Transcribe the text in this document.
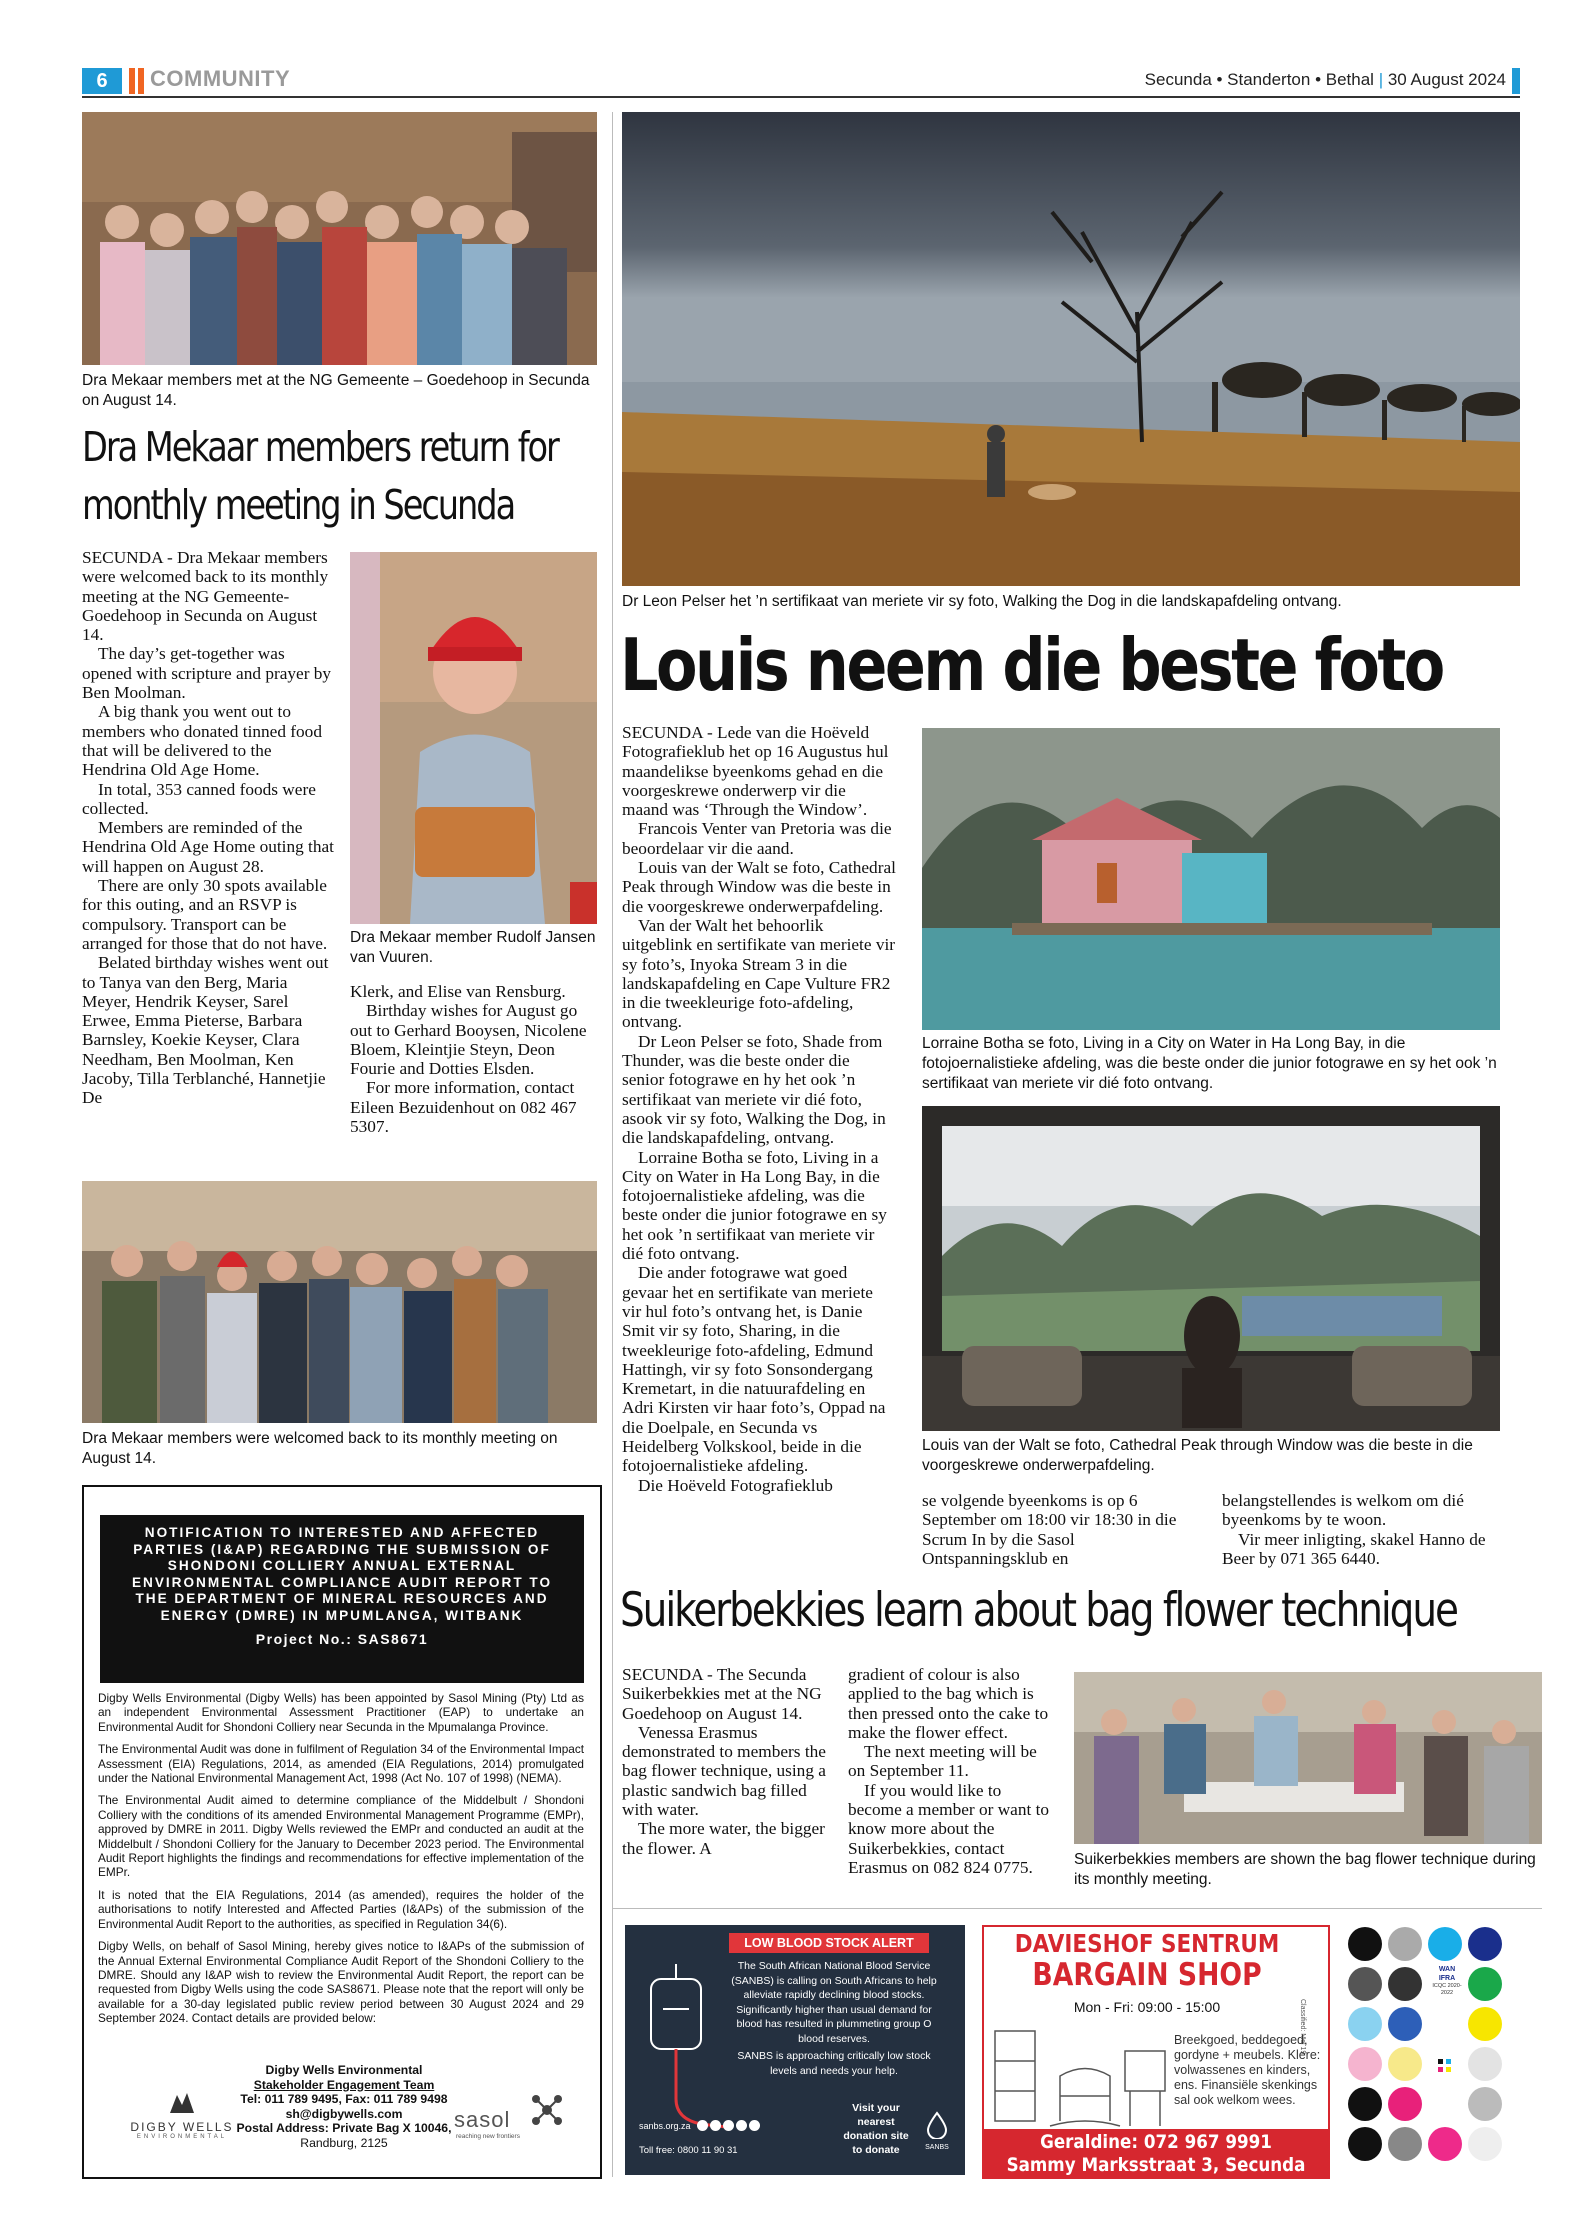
6	COMMUNITY	Secunda • Standerton • Bethal | 30 August 2024
Dra Mekaar members met at the NG Gemeente – Goedehoop in Secunda on August 14.
Dra Mekaar members return for monthly meeting in Secunda

SECUNDA - Dra Mekaar members were welcomed back to its monthly meeting at the NG Gemeente-Goedehoop in Secunda on August 14.

The day’s get-together was opened with scripture and prayer by Ben Moolman.

A big thank you went out to members who donated tinned food that will be delivered to the Hendrina Old Age Home.

In total, 353 canned foods were collected.

Members are reminded of the Hendrina Old Age Home outing that will happen on August 28.

There are only 30 spots available for this outing, and an RSVP is compulsory. Transport can be arranged for those that do not have.

Belated birthday wishes went out to Tanya van den Berg, Maria Meyer, Hendrik Keyser, Sarel Erwee, Emma Pieterse, Barbara Barnsley, Koekie Keyser, Clara Needham, Ben Moolman, Ken Jacoby, Tilla Terblanché, Hannetjie De

Dra Mekaar member Rudolf Jansen van Vuuren.

Klerk, and Elise van Rensburg.

Birthday wishes for August go out to Gerhard Booysen, Nicolene Bloem, Kleintjie Steyn, Deon Fourie and Dotties Elsden.

For more information, contact Eileen Bezuidenhout on 082 467 5307.

Dra Mekaar members were welcomed back to its monthly meeting on August 14.
NOTIFICATION TO INTERESTED AND AFFECTED PARTIES (I&AP) REGARDING THE SUBMISSION OF SHONDONI COLLIERY ANNUAL EXTERNAL ENVIRONMENTAL COMPLIANCE AUDIT REPORT TO THE DEPARTMENT OF MINERAL RESOURCES AND ENERGY (DMRE) IN MPUMLANGA, WITBANK
Project No.: SAS8671

Digby Wells Environmental (Digby Wells) has been appointed by Sasol Mining (Pty) Ltd as an independent Environmental Assessment Practitioner (EAP) to undertake an Environmental Audit for Shondoni Colliery near Secunda in the Mpumalanga Province.

The Environmental Audit was done in fulfilment of Regulation 34 of the Environmental Impact Assessment (EIA) Regulations, 2014, as amended (EIA Regulations, 2014) promulgated under the National Environmental Management Act, 1998 (Act No. 107 of 1998) (NEMA).

The Environmental Audit aimed to determine compliance of the Middelbult / Shondoni Colliery with the conditions of its amended Environmental Management Programme (EMPr), approved by DMRE in 2011. Digby Wells reviewed the EMPr and conducted an audit at the Middelbult / Shondoni Colliery for the January to December 2023 period. The Environmental Audit Report highlights the findings and recommendations for effective implementation of the EMPr.

It is noted that the EIA Regulations, 2014 (as amended), requires the holder of the authorisations to notify Interested and Affected Parties (I&APs) of the submission of the Environmental Audit Report to the authorities, as specified in Regulation 34(6).

Digby Wells, on behalf of Sasol Mining, hereby gives notice to I&APs of the submission of the Annual External Environmental Compliance Audit Report of the Shondoni Colliery to the DMRE. Should any I&AP wish to review the Environmental Audit Report, the report can be requested from Digby Wells using the code SAS8671. Please note that the report will only be available for a 30-day legislated public review period between 30 August 2024 and 29 September 2024. Contact details are provided below:

Digby Wells Environmental
Stakeholder Engagement Team
Tel: 011 789 9495, Fax: 011 789 9498
sh@digbywells.com
Postal Address: Private Bag X 10046,
Randburg, 2125
DIGBY WELLS
ENVIRONMENTAL
sasol
reaching new frontiers
Dr Leon Pelser het ’n sertifikaat van meriete vir sy foto, Walking the Dog in die landskapafdeling ontvang.
Louis neem die beste foto

SECUNDA - Lede van die Hoëveld Fotografieklub het op 16 Augustus hul maandelikse byeenkoms gehad en die voorgeskrewe onderwerp vir die maand was ‘Through the Window’.

Francois Venter van Pretoria was die beoordelaar vir die aand.

Louis van der Walt se foto, Cathedral Peak through Window was die beste in die voorgeskrewe onderwerpafdeling.

Van der Walt het behoorlik uitgeblink en sertifikate van meriete vir sy foto’s, Inyoka Stream 3 in die landskapafdeling en Cape Vulture FR2 in die tweekleurige foto-afdeling, ontvang.

Dr Leon Pelser se foto, Shade from Thunder, was die beste onder die senior fotograwe en hy het ook ’n sertifikaat van meriete vir dié foto, asook vir sy foto, Walking the Dog, in die landskapafdeling, ontvang.

Lorraine Botha se foto, Living in a City on Water in Ha Long Bay, in die fotojoernalistieke afdeling, was die beste onder die junior fotograwe en sy het ook ’n sertifikaat van meriete vir dié foto ontvang.

Die ander fotograwe wat goed gevaar het en sertifikate van meriete vir hul foto’s ontvang het, is Danie Smit vir sy foto, Sharing, in die tweekleurige foto-afdeling, Edmund Hattingh, vir sy foto Sonsondergang Kremetart, in die natuurafdeling en Adri Kirsten vir haar foto’s, Oppad na die Doelpale, en Secunda vs Heidelberg Volkskool, beide in die fotojoernalistieke afdeling.

Die Hoëveld Fotografieklub

Lorraine Botha se foto, Living in a City on Water in Ha Long Bay, in die fotojoernalistieke afdeling, was die beste onder die junior fotograwe en sy het ook ’n sertifikaat van meriete vir dié foto ontvang.
Louis van der Walt se foto, Cathedral Peak through Window was die beste in die voorgeskrewe onderwerpafdeling.

se volgende byeenkoms is op 6 September om 18:00 vir 18:30 in die Scrum In by die Sasol Ontspanningsklub en

belangstellendes is welkom om dié byeenkoms by te woon.

Vir meer inligting, skakel Hanno de Beer by 071 365 6440.

Suikerbekkies learn about bag flower technique

SECUNDA - The Secunda Suikerbekkies met at the NG Goedehoop on August 14.

Venessa Erasmus demonstrated to members the bag flower technique, using a plastic sandwich bag filled with water.

The more water, the bigger the flower. A

gradient of colour is also applied to the bag which is then pressed onto the cake to make the flower effect.

The next meeting will be on September 11.

If you would like to become a member or want to know more about the Suikerbekkies, contact Erasmus on 082 824 0775.	Suikerbekkies members are shown the bag flower technique during its monthly meeting.
LOW BLOOD STOCK ALERT
The South African National Blood Service (SANBS) is calling on South Africans to help alleviate rapidly declining blood stocks. Significantly higher than usual demand for blood has resulted in plummeting group O blood reserves.
SANBS is approaching critically low stock levels and needs your help.
Visit your nearest donation site to donate
sanbs.org.za
Toll free: 0800 11 90 31	SANBS
DAVIESHOF SENTRUM
BARGAIN SHOP
Mon - Fri: 09:00 - 15:00	Classified: Mel 19
Breekgoed, beddegoed, gordyne + meubels. Klere: volwassenes en kinders, ens. Finansiële skenkings sal ook welkom wees.
Geraldine: 072 967 9991
Sammy Marksstraat 3, Secunda
WAN IFRA
ICQC 2020-2022
